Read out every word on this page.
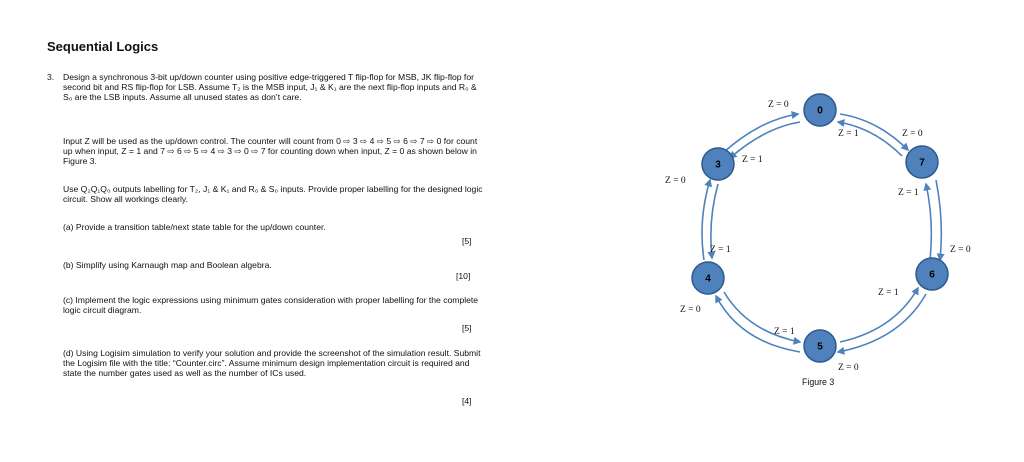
Sequential Logics
3. Design a synchronous 3-bit up/down counter using positive edge-triggered T flip-flop for MSB, JK flip-flop for second bit and RS flip-flop for LSB. Assume T₂ is the MSB input, J₁ & K₁ are the next flip-flop inputs and R₀ & S₀ are the LSB inputs. Assume all unused states as don’t care.

Input Z will be used as the up/down control. The counter will count from 0 ⇨ 3 ⇨ 4 ⇨ 5 ⇨ 6 ⇨ 7 ⇨ 0 for count up when input, Z = 1 and 7 ⇨ 6 ⇨ 5 ⇨ 4 ⇨ 3 ⇨ 0 ⇨ 7 for counting down when input, Z = 0 as shown below in Figure 3.

Use Q₂Q₁Q₀ outputs labelling for T₂, J₁ & K₁ and R₀ & S₀ inputs. Provide proper labelling for the designed logic circuit. Show all workings clearly.

(a) Provide a transition table/next state table for the up/down counter.

[5]

(b) Simplify using Karnaugh map and Boolean algebra.

[10]

(c) Implement the logic expressions using minimum gates consideration with proper labelling for the complete logic circuit diagram.

[5]

(d) Using Logisim simulation to verify your solution and provide the screenshot of the simulation result. Submit the Logisim file with the title: “Counter.circ”. Assume minimum design implementation circuit is required and state the number gates used as well as the number of ICs used.

[4]
0
7
6
5
4
3
Z = 0
Z = 1	Z = 0
Z = 1
Z = 1
Z = 0
Z = 1	Z = 0
Z = 1
Z = 0
Z = 1
Z = 0
Figure 3
